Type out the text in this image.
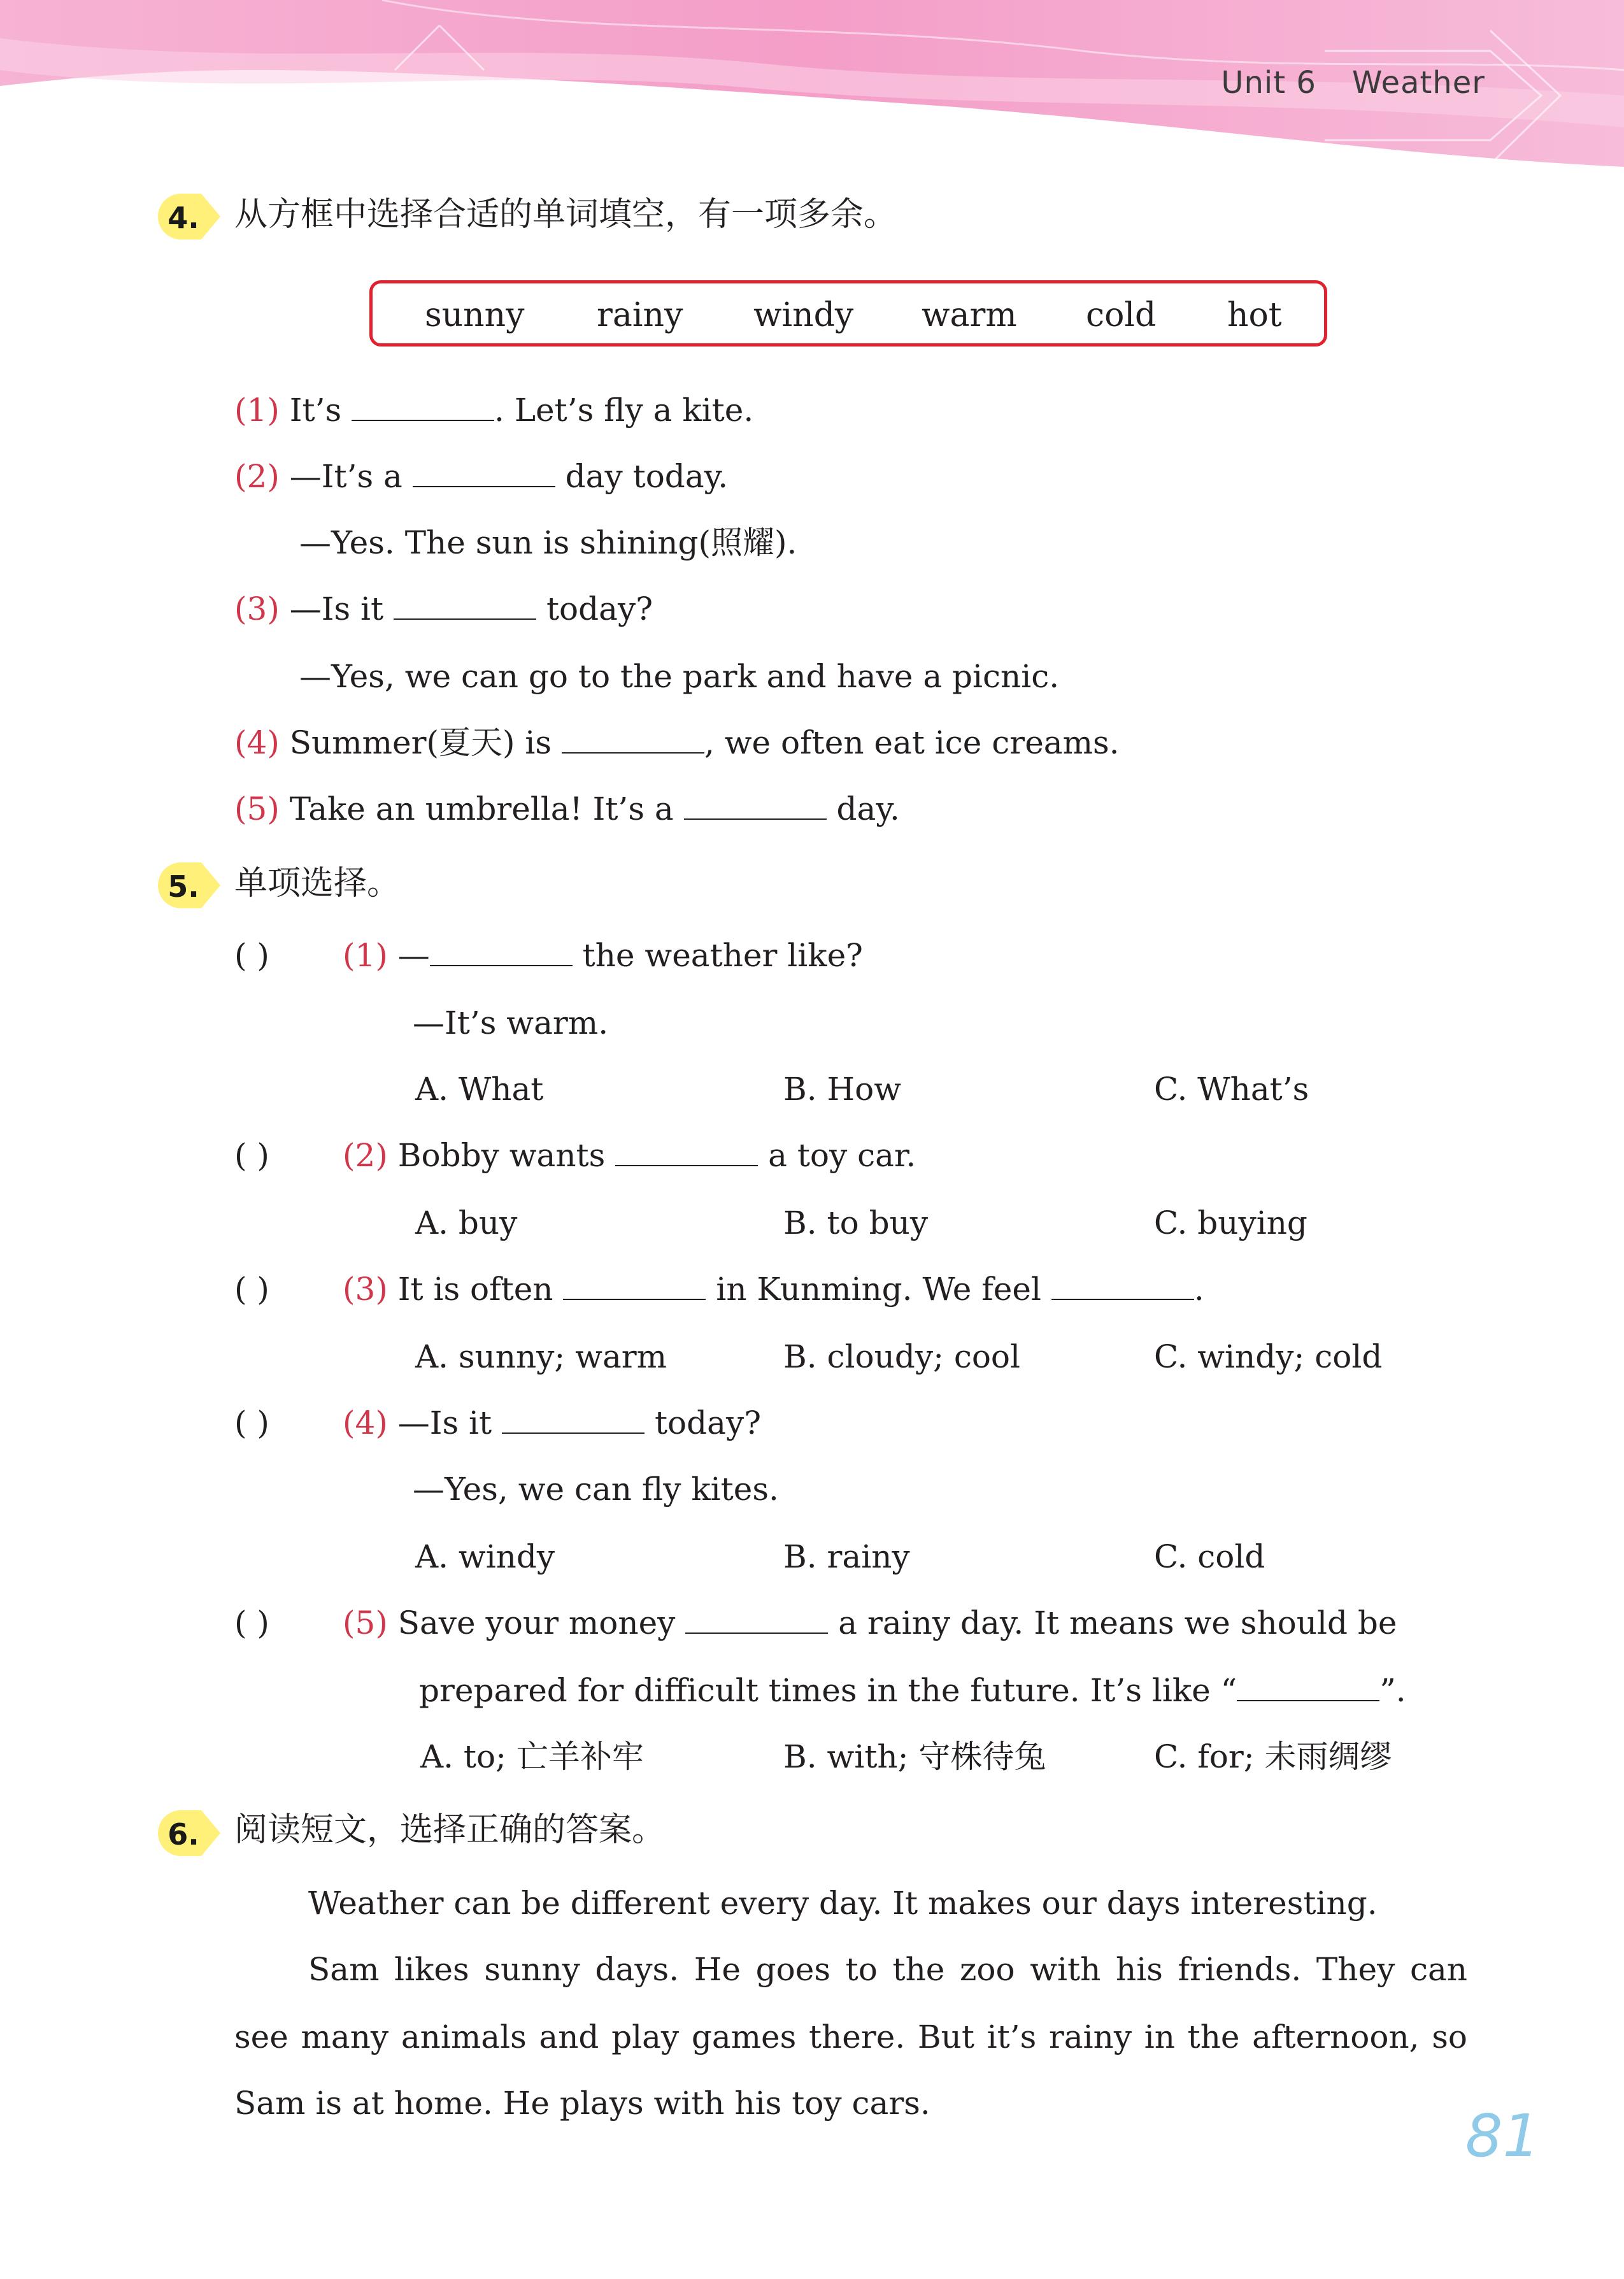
Unit 6 Weather
4. 从方框中选择合适的单词填空，有一项多余。
sunny rainy windy warm cold hot
(1) It’s	. Let’s fly a kite.
(2) —It’s a	day today.
—Yes. The sun is shining(照耀).
(3) —Is it	today?
—Yes, we can go to the park and have a picnic.
(4) Summer(夏天) is	, we often eat ice creams.
(5) Take an umbrella! It’s a	day.
5. 单项选择。
( ) (1) —	the weather like?
—It’s warm.
A. What	B. How	C. What’s
( ) (2) Bobby wants	a toy car.
A. buy	B. to buy	C. buying
( ) (3) It is often	in Kunming. We feel	.
A. sunny; warm	B. cloudy; cool	C. windy; cold
( ) (4) —Is it	today?
—Yes, we can fly kites.
A. windy	B. rainy	C. cold
( ) (5) Save your money	a rainy day. It means we should be
prepared for difficult times in the future. It’s like “	”.
A. to; 亡羊补牢	B. with; 守株待兔	C. for; 未雨绸缪
6. 阅读短文，选择正确的答案。
Weather can be different every day. It makes our days interesting.
Sam likes sunny days. He goes to the zoo with his friends. They can
see many animals and play games there. But it’s rainy in the afternoon, so
Sam is at home. He plays with his toy cars.	81
